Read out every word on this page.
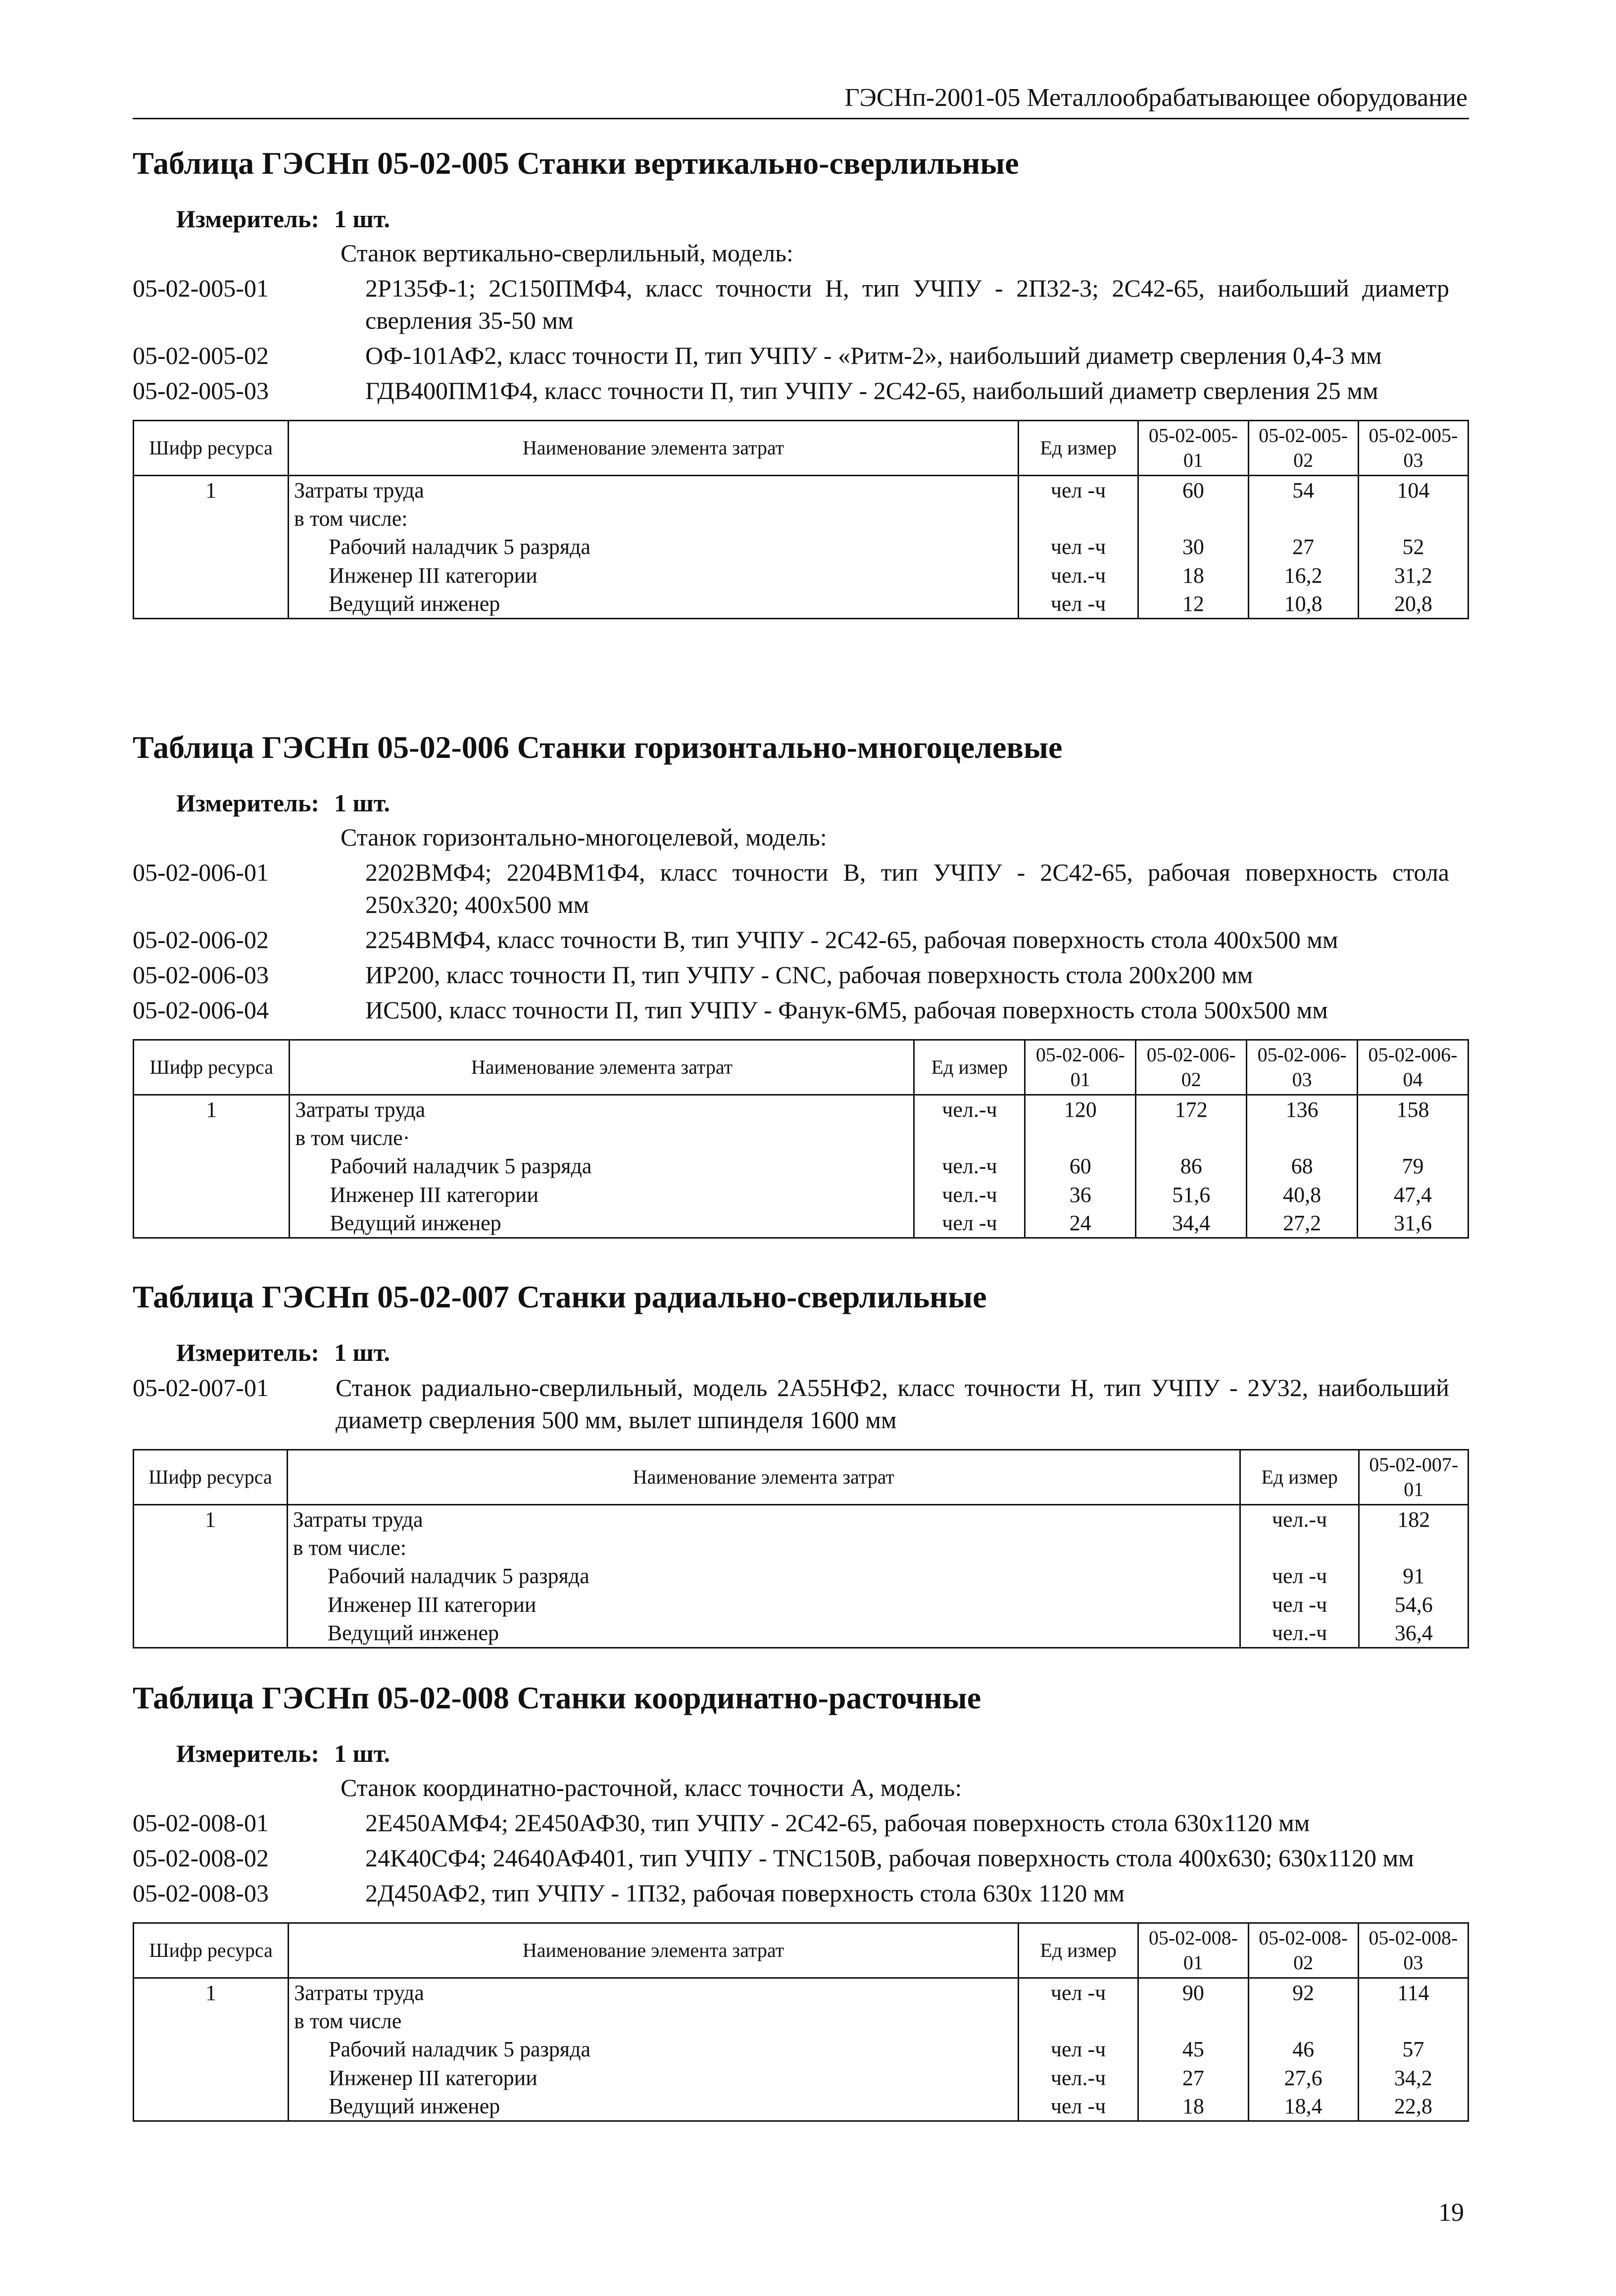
ГЭСНп-2001-05 Металлообрабатывающее оборудование
Таблица ГЭСНп 05-02-005 Станки вертикально-сверлильные
Измеритель: 1 шт.
Станок вертикально-сверлильный, модель:
05-02-005-01	2Р135Ф-1; 2С150ПМФ4, класс точности Н, тип УЧПУ - 2П32-3; 2С42-65, наибольший диаметр сверления 35-50 мм
05-02-005-02	ОФ-101АФ2, класс точности П, тип УЧПУ - «Ритм-2», наибольший диаметр сверления 0,4-3 мм
05-02-005-03	ГДВ400ПМ1Ф4, класс точности П, тип УЧПУ - 2С42-65, наибольший диаметр сверления 25 мм
Шифр ресурса	Наименование элемента затрат	Ед измер	05-02-005-01	05-02-005-02	05-02-005-03
1	Затраты труда	чел -ч	60	54	104
	в том числе:				
	Рабочий наладчик 5 разряда	чел -ч	30	27	52
	Инженер III категории	чел.-ч	18	16,2	31,2
	Ведущий инженер	чел -ч	12	10,8	20,8
Таблица ГЭСНп 05-02-006 Станки горизонтально-многоцелевые
Измеритель: 1 шт.
Станок горизонтально-многоцелевой, модель:
05-02-006-01	2202ВМФ4; 2204ВМ1Ф4, класс точности В, тип УЧПУ - 2С42-65, рабочая поверхность стола 250x320; 400x500 мм
05-02-006-02	2254ВМФ4, класс точности В, тип УЧПУ - 2С42-65, рабочая поверхность стола 400x500 мм
05-02-006-03	ИР200, класс точности П, тип УЧПУ - CNC, рабочая поверхность стола 200x200 мм
05-02-006-04	ИС500, класс точности П, тип УЧПУ - Фанук-6М5, рабочая поверхность стола 500x500 мм
Шифр ресурса	Наименование элемента затрат	Ед измер	05-02-006-01	05-02-006-02	05-02-006-03	05-02-006-04
1	Затраты труда	чел.-ч	120	172	136	158
	в том числе·					
	Рабочий наладчик 5 разряда	чел.-ч	60	86	68	79
	Инженер III категории	чел.-ч	36	51,6	40,8	47,4
	Ведущий инженер	чел -ч	24	34,4	27,2	31,6
Таблица ГЭСНп 05-02-007 Станки радиально-сверлильные
Измеритель: 1 шт.
05-02-007-01	Станок радиально-сверлильный, модель 2А55НФ2, класс точности Н, тип УЧПУ - 2У32, наибольший диаметр сверления 500 мм, вылет шпинделя 1600 мм
Шифр ресурса	Наименование элемента затрат	Ед измер	05-02-007-01
1	Затраты труда	чел.-ч	182
	в том числе:		
	Рабочий наладчик 5 разряда	чел -ч	91
	Инженер III категории	чел -ч	54,6
	Ведущий инженер	чел.-ч	36,4
Таблица ГЭСНп 05-02-008 Станки координатно-расточные
Измеритель: 1 шт.
Станок координатно-расточной, класс точности А, модель:
05-02-008-01	2Е450АМФ4; 2Е450АФ30, тип УЧПУ - 2С42-65, рабочая поверхность стола 630x1120 мм
05-02-008-02	24К40СФ4; 24640АФ401, тип УЧПУ - TNC150В, рабочая поверхность стола 400x630; 630x1120 мм
05-02-008-03	2Д450АФ2, тип УЧПУ - 1П32, рабочая поверхность стола 630x 1120 мм
Шифр ресурса	Наименование элемента затрат	Ед измер	05-02-008-01	05-02-008-02	05-02-008-03
1	Затраты труда	чел -ч	90	92	114
	в том числе				
	Рабочий наладчик 5 разряда	чел -ч	45	46	57
	Инженер III категории	чел.-ч	27	27,6	34,2
	Ведущий инженер	чел -ч	18	18,4	22,8
19
